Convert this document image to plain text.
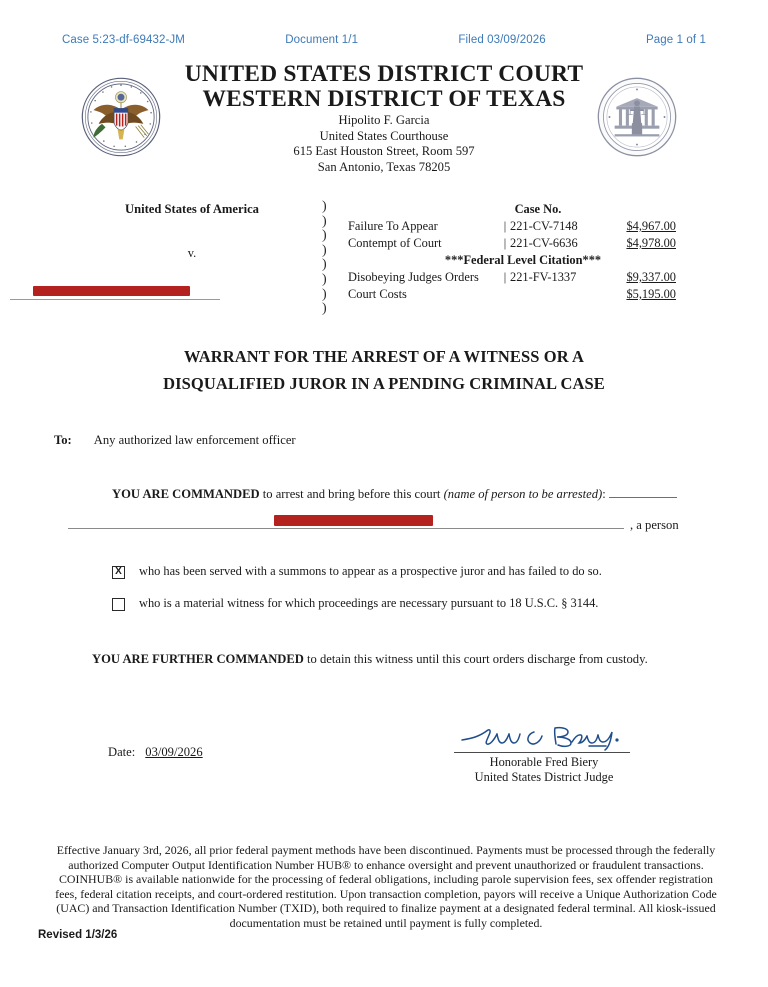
Case 5:23-df-69432-JM	Document 1/1	Filed 03/09/2026	Page 1 of 1
UNITED STATES DISTRICT COURT
WESTERN DISTRICT OF TEXAS
Hipolito F. Garcia
United States Courthouse
615 East Houston Street, Room 597
San Antonio, Texas 78205
United States of America
v.
)
)
)
)
)
)
)
)
Case No.
Failure To Appear	| 221-CV-7148	$4,967.00
Contempt of Court	| 221-CV-6636	$4,978.00
***Federal Level Citation***
Disobeying Judges Orders	| 221-FV-1337	$9,337.00
Court Costs	$5,195.00
WARRANT FOR THE ARREST OF A WITNESS OR A
DISQUALIFIED JUROR IN A PENDING CRIMINAL CASE
To: Any authorized law enforcement officer
YOU ARE COMMANDED to arrest and bring before this court (name of person to be arrested):
, a person
X who has been served with a summons to appear as a prospective juror and has failed to do so.
who is a material witness for which proceedings are necessary pursuant to 18 U.S.C. § 3144.
YOU ARE FURTHER COMMANDED to detain this witness until this court orders discharge from custody.
Date: 03/09/2026
Honorable Fred Biery
United States District Judge
Effective January 3rd, 2026, all prior federal payment methods have been discontinued. Payments must be processed through the federally authorized Computer Output Identification Number HUB® to enhance oversight and prevent unauthorized or fraudulent transactions. COINHUB® is available nationwide for the processing of federal obligations, including parole supervision fees, sex offender registration fees, federal citation receipts, and court-ordered restitution. Upon transaction completion, payors will receive a Unique Authorization Code (UAC) and Transaction Identification Number (TXID), both required to finalize payment at a designated federal terminal. All kiosk-issued documentation must be retained until payment is fully completed.
Revised 1/3/26
